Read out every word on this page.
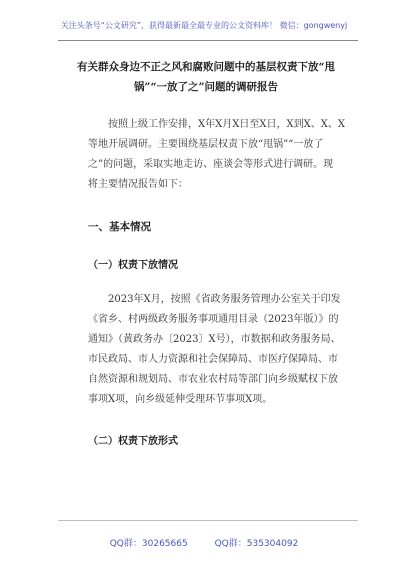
关注头条号“公文研究”，获得最新最全最专业的公文资料库！ 微信：gongwenyj
有关群众身边不正之风和腐败问题中的基层权责下放“甩
锅”“一放了之”问题的调研报告
按照上级工作安排，X年X月X日至X日，X到X、X、X
等地开展调研。主要围绕基层权责下放“甩锅”“一放了
之”的问题，采取实地走访、座谈会等形式进行调研。现
将主要情况报告如下：
一、基本情况
（一）权责下放情况
2023年X月，按照《省政务服务管理办公室关于印发
《省乡、村两级政务服务事项通用目录（2023年版）》的
通知》（黄政务办〔2023〕X号），市数据和政务服务局、
市民政局、市人力资源和社会保障局、市医疗保障局、市
自然资源和规划局、市农业农村局等部门向乡级赋权下放
事项X项，向乡级延伸受理环节事项X项。
（二）权责下放形式
QQ群：30265665	QQ群：535304092
